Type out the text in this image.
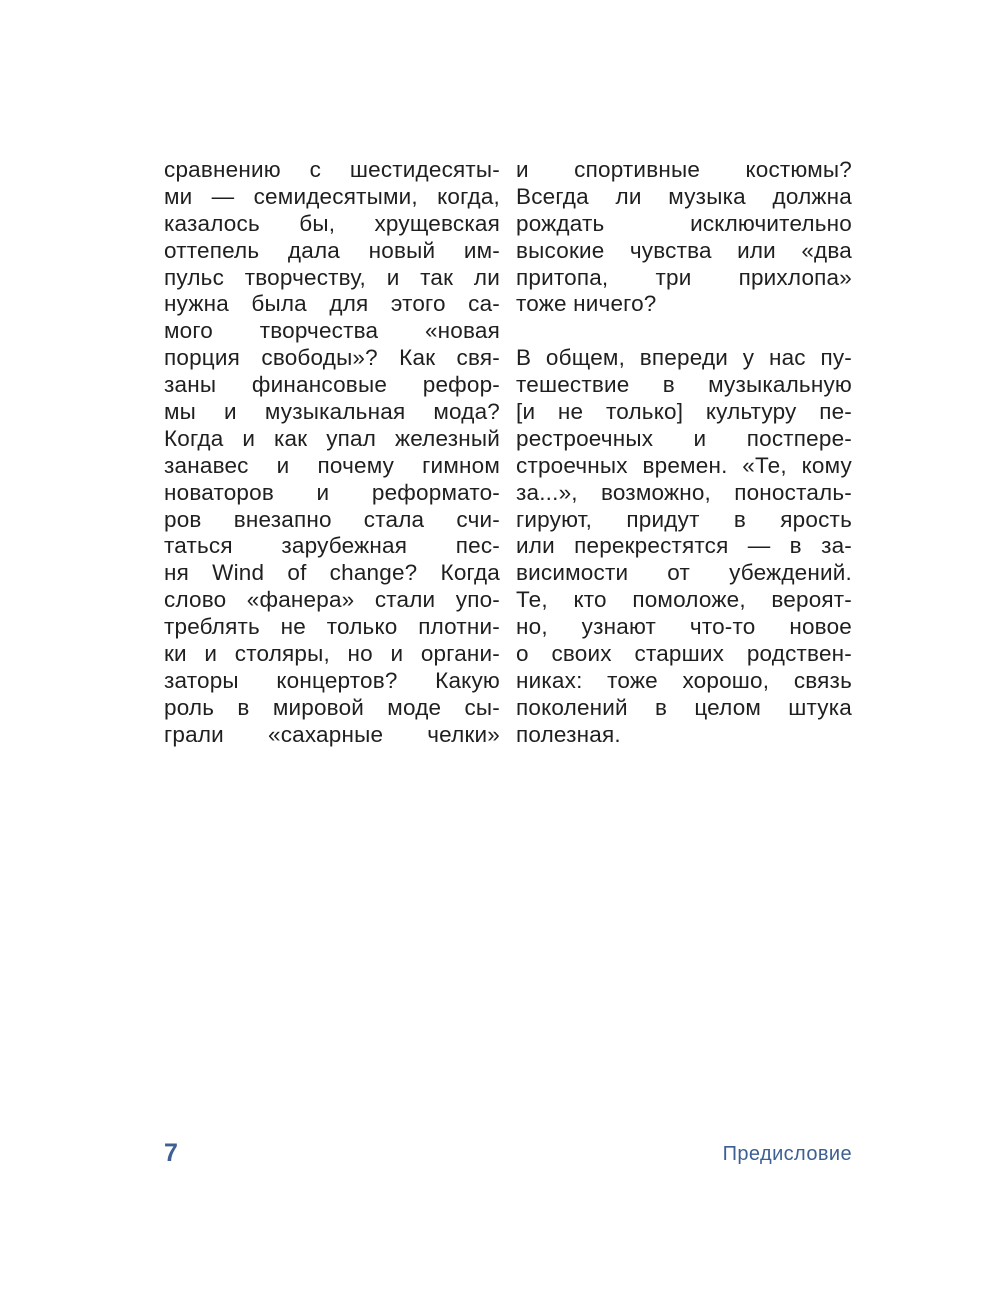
сравнению с шестидесяты-
ми — семидесятыми, когда,
казалось бы, хрущевская
оттепель дала новый им-
пульс творчеству, и так ли
нужна была для этого са-
мого творчества «новая
порция свободы»? Как свя-
заны финансовые рефор-
мы и музыкальная мода?
Когда и как упал железный
занавес и почему гимном
новаторов и реформато-
ров внезапно стала счи-
таться зарубежная пес-
ня Wind of change? Когда
слово «фанера» стали упо-
треблять не только плотни-
ки и столяры, но и органи-
заторы концертов? Какую
роль в мировой моде сы-
грали «сахарные челки»
и спортивные костюмы?
Всегда ли музыка должна
рождать исключительно
высокие чувства или «два
притопа, три прихлопа»
тоже ничего?
В общем, впереди у нас пу-
тешествие в музыкальную
[и не только] культуру пе-
рестроечных и постпере-
строечных времен. «Те, кому
за...», возможно, поносталь-
гируют, придут в ярость
или перекрестятся — в за-
висимости от убеждений.
Те, кто помоложе, вероят-
но, узнают что-то новое
о своих старших родствен-
никах: тоже хорошо, связь
поколений в целом штука
полезная.
7	Предисловие
